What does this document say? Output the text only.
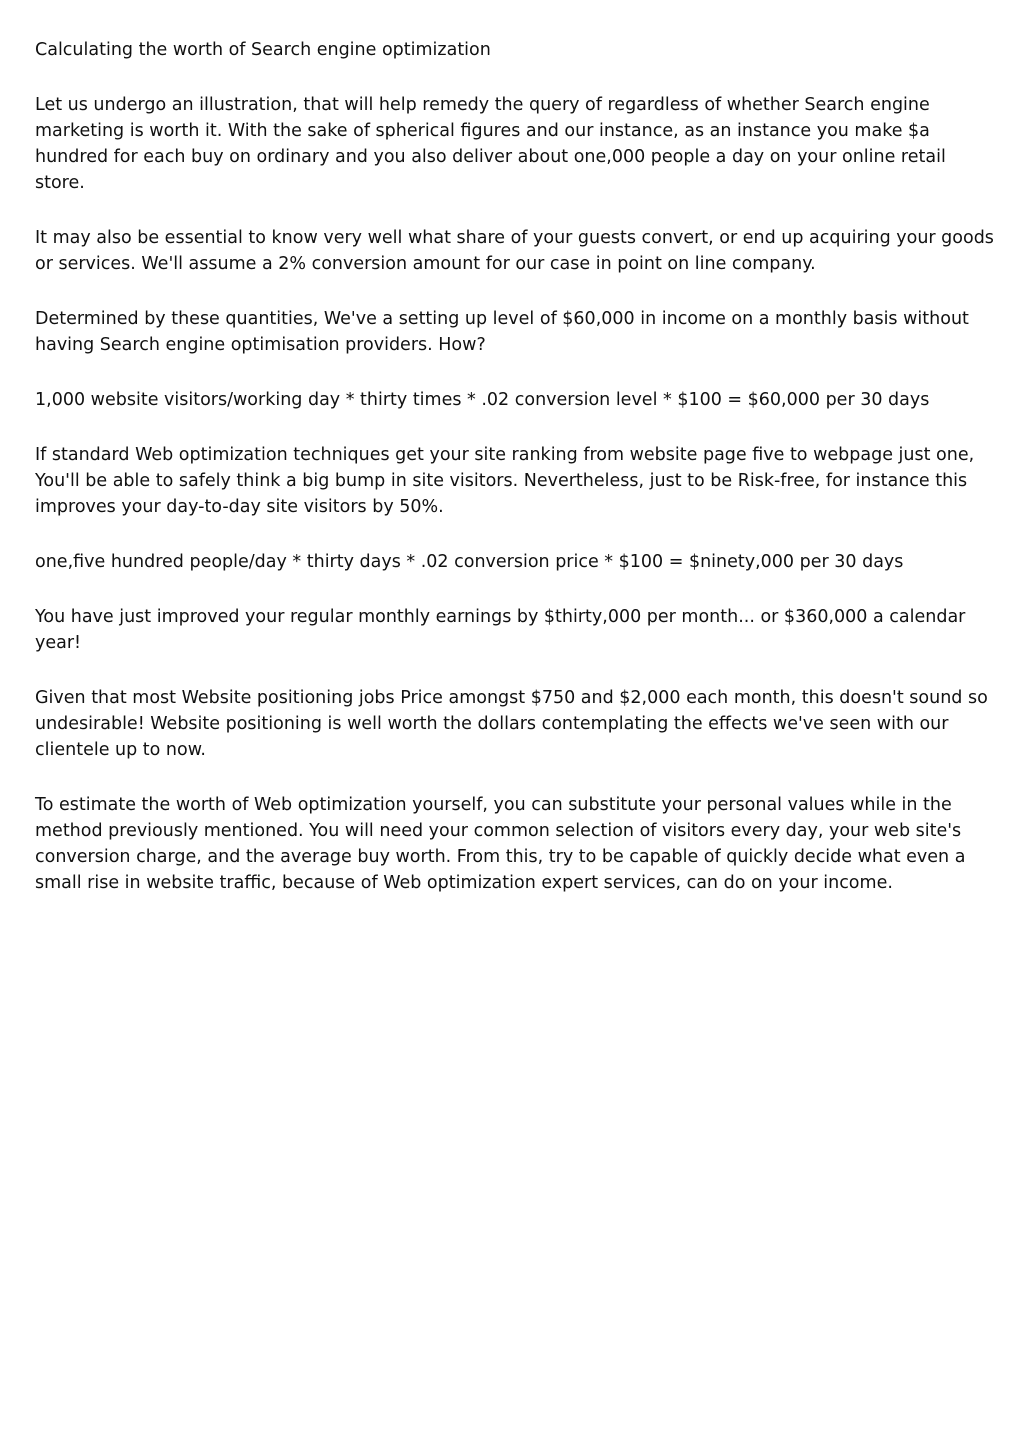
Calculating the worth of Search engine optimization

Let us undergo an illustration, that will help remedy the query of regardless of whether Search engine marketing is worth it. With the sake of spherical figures and our instance, as an instance you make $a hundred for each buy on ordinary and you also deliver about one,000 people a day on your online retail store.

It may also be essential to know very well what share of your guests convert, or end up acquiring your goods or services. We'll assume a 2% conversion amount for our case in point on line company.

Determined by these quantities, We've a setting up level of $60,000 in income on a monthly basis without having Search engine optimisation providers. How?

1,000 website visitors/working day * thirty times * .02 conversion level * $100 = $60,000 per 30 days

If standard Web optimization techniques get your site ranking from website page five to webpage just one, You'll be able to safely think a big bump in site visitors. Nevertheless, just to be Risk-free, for instance this improves your day-to-day site visitors by 50%.

one,five hundred people/day * thirty days * .02 conversion price * $100 = $ninety,000 per 30 days

You have just improved your regular monthly earnings by $thirty,000 per month... or $360,000 a calendar year!

Given that most Website positioning jobs Price amongst $750 and $2,000 each month, this doesn't sound so undesirable! Website positioning is well worth the dollars contemplating the effects we've seen with our clientele up to now.

To estimate the worth of Web optimization yourself, you can substitute your personal values while in the method previously mentioned. You will need your common selection of visitors every day, your web site's conversion charge, and the average buy worth. From this, try to be capable of quickly decide what even a small rise in website traffic, because of Web optimization expert services, can do on your income.
